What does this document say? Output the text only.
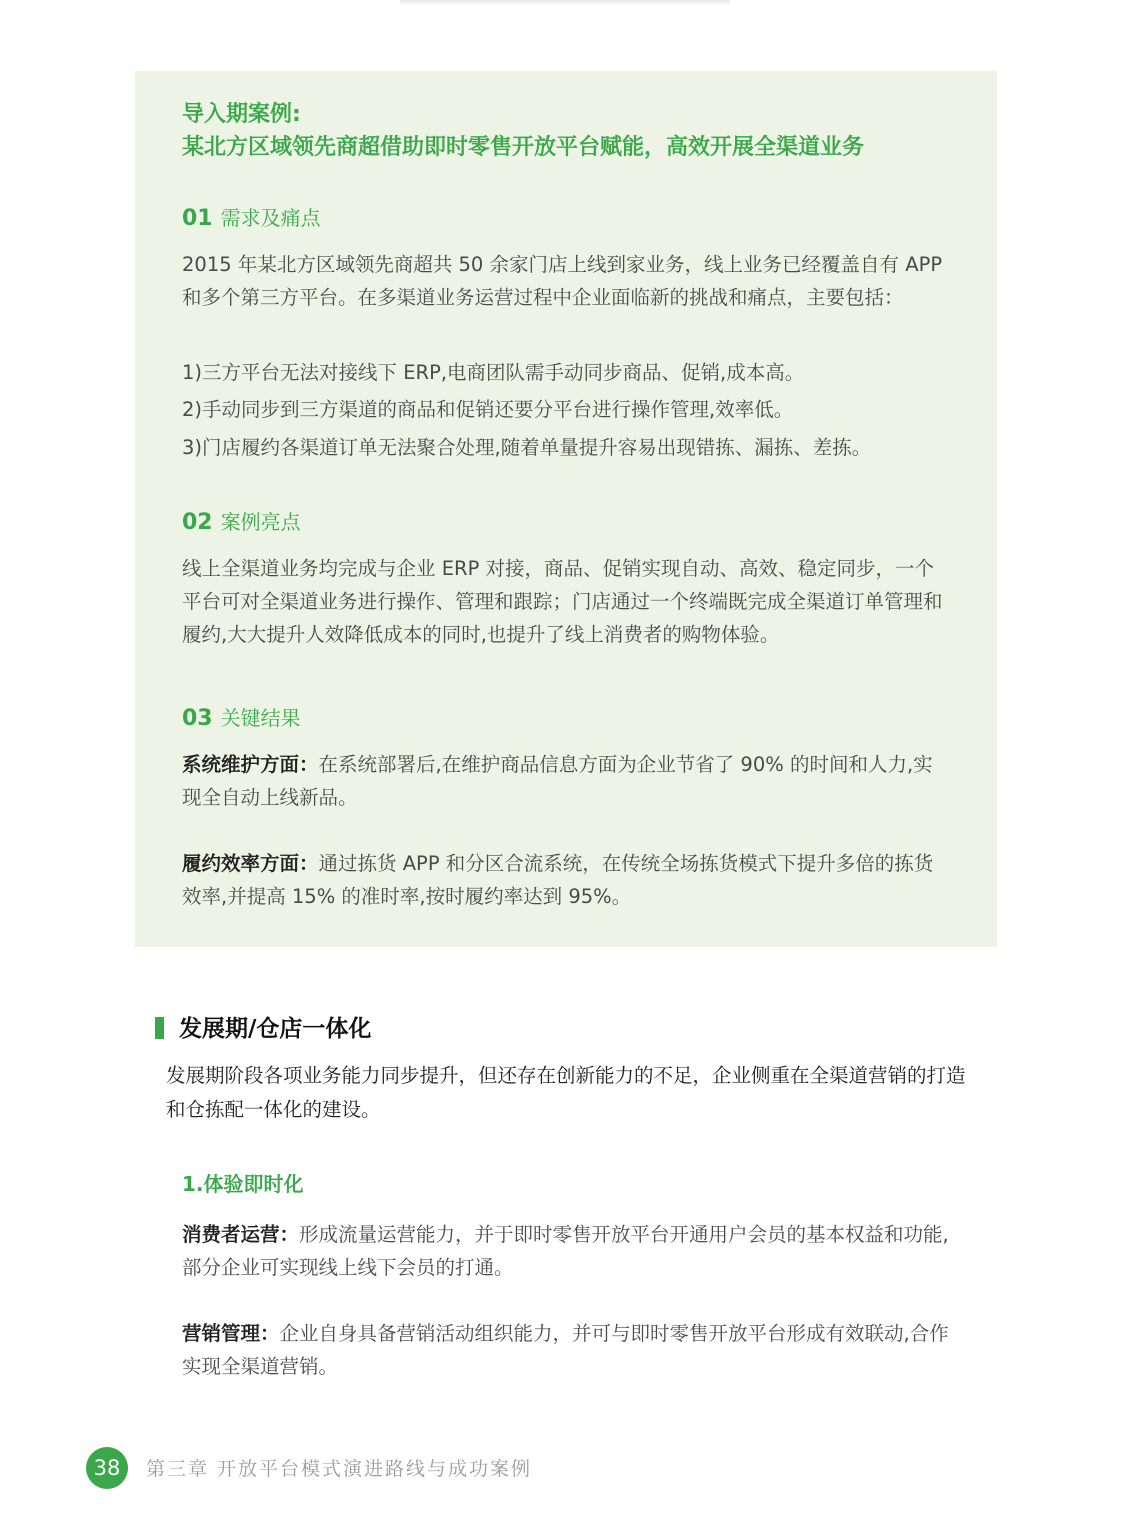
导入期案例:
某北方区域领先商超借助即时零售开放平台赋能，高效开展全渠道业务
01 需求及痛点

2015 年某北方区域领先商超共 50 余家门店上线到家业务，线上业务已经覆盖自有 APP 和多个第三方平台。在多渠道业务运营过程中企业面临新的挑战和痛点，主要包括：

1)三方平台无法对接线下 ERP,电商团队需手动同步商品、促销,成本高。
2)手动同步到三方渠道的商品和促销还要分平台进行操作管理,效率低。
3)门店履约各渠道订单无法聚合处理,随着单量提升容易出现错拣、漏拣、差拣。
02 案例亮点

线上全渠道业务均完成与企业 ERP 对接，商品、促销实现自动、高效、稳定同步，一个平台可对全渠道业务进行操作、管理和跟踪；门店通过一个终端既完成全渠道订单管理和履约,大大提升人效降低成本的同时,也提升了线上消费者的购物体验。

03 关键结果

系统维护方面：在系统部署后,在维护商品信息方面为企业节省了 90% 的时间和人力,实现全自动上线新品。

履约效率方面：通过拣货 APP 和分区合流系统，在传统全场拣货模式下提升多倍的拣货效率,并提高 15% 的准时率,按时履约率达到 95%。

发展期/仓店一体化

发展期阶段各项业务能力同步提升，但还存在创新能力的不足，企业侧重在全渠道营销的打造和仓拣配一体化的建设。

1.体验即时化

消费者运营：形成流量运营能力，并于即时零售开放平台开通用户会员的基本权益和功能,部分企业可实现线上线下会员的打通。

营销管理：企业自身具备营销活动组织能力，并可与即时零售开放平台形成有效联动,合作实现全渠道营销。

38	第三章 开放平台模式演进路线与成功案例
